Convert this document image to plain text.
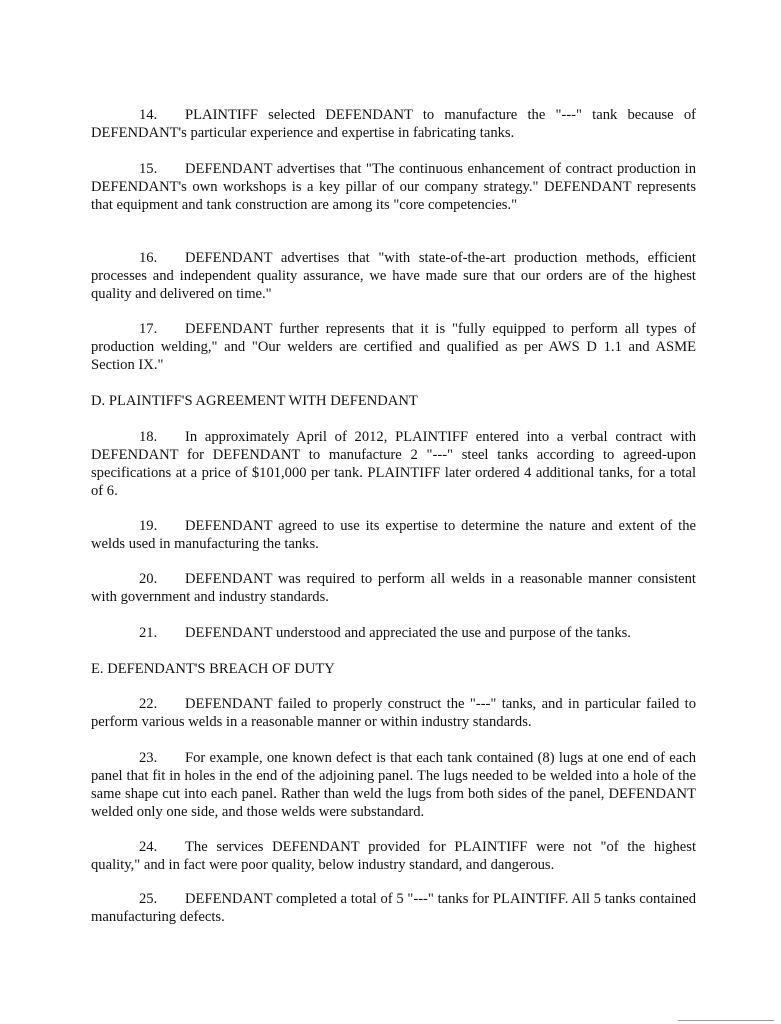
14. PLAINTIFF selected DEFENDANT to manufacture the "---" tank because of DEFENDANT's particular experience and expertise in fabricating tanks.

15. DEFENDANT advertises that "The continuous enhancement of contract production in DEFENDANT's own workshops is a key pillar of our company strategy." DEFENDANT represents that equipment and tank construction are among its "core competencies."

16. DEFENDANT advertises that "with state-of-the-art production methods, efficient processes and independent quality assurance, we have made sure that our orders are of the highest quality and delivered on time."

17. DEFENDANT further represents that it is "fully equipped to perform all types of production welding," and "Our welders are certified and qualified as per AWS D 1.1 and ASME Section IX."

D. PLAINTIFF'S AGREEMENT WITH DEFENDANT

18. In approximately April of 2012, PLAINTIFF entered into a verbal contract with DEFENDANT for DEFENDANT to manufacture 2 "---" steel tanks according to agreed-upon specifications at a price of $101,000 per tank. PLAINTIFF later ordered 4 additional tanks, for a total of 6.

19. DEFENDANT agreed to use its expertise to determine the nature and extent of the welds used in manufacturing the tanks.

20. DEFENDANT was required to perform all welds in a reasonable manner consistent with government and industry standards.

21. DEFENDANT understood and appreciated the use and purpose of the tanks.

E. DEFENDANT'S BREACH OF DUTY

22. DEFENDANT failed to properly construct the "---" tanks, and in particular failed to perform various welds in a reasonable manner or within industry standards.

23. For example, one known defect is that each tank contained (8) lugs at one end of each panel that fit in holes in the end of the adjoining panel. The lugs needed to be welded into a hole of the same shape cut into each panel. Rather than weld the lugs from both sides of the panel, DEFENDANT welded only one side, and those welds were substandard.

24. The services DEFENDANT provided for PLAINTIFF were not "of the highest quality," and in fact were poor quality, below industry standard, and dangerous.

25. DEFENDANT completed a total of 5 "---" tanks for PLAINTIFF. All 5 tanks contained manufacturing defects.
